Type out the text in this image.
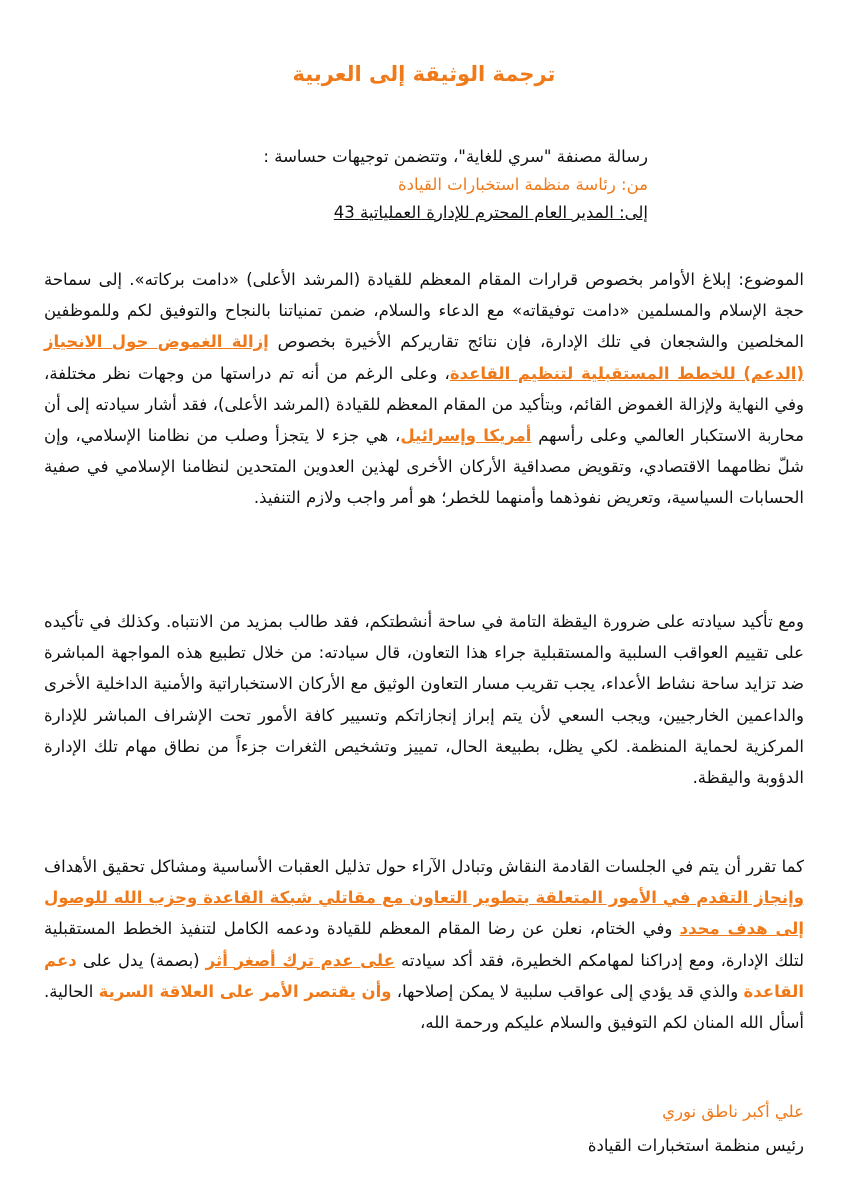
ترجمة الوثيقة إلى العربية
رسالة مصنفة "سري للغاية"، وتتضمن توجيهات حساسة :
من: رئاسة منظمة استخبارات القيادة
إلى: المدير العام المحترم للإدارة العملياتية 43
الموضوع: إبلاغ الأوامر بخصوص قرارات المقام المعظم للقيادة (المرشد الأعلى) «دامت بركاته». إلى سماحة حجة الإسلام والمسلمين «دامت توفيقاته» مع الدعاء والسلام، ضمن تمنياتنا بالنجاح والتوفيق لكم وللموظفين المخلصين والشجعان في تلك الإدارة، فإن نتائج تقاريركم الأخيرة بخصوص إزالة الغموض حول الانحياز (الدعم) للخطط المستقبلية لتنظيم القاعدة، وعلى الرغم من أنه تم دراستها من وجهات نظر مختلفة، وفي النهاية ولإزالة الغموض القائم، وبتأكيد من المقام المعظم للقيادة (المرشد الأعلى)، فقد أشار سيادته إلى أن محاربة الاستكبار العالمي وعلى رأسهم أمريكا وإسرائيل، هي جزء لا يتجزأ وصلب من نظامنا الإسلامي، وإن شلّ نظامهما الاقتصادي، وتقويض مصداقية الأركان الأخرى لهذين العدوين المتحدين لنظامنا الإسلامي في صفية الحسابات السياسية، وتعريض نفوذهما وأمنهما للخطر؛ هو أمر واجب ولازم التنفيذ.
ومع تأكيد سيادته على ضرورة اليقظة التامة في ساحة أنشطتكم، فقد طالب بمزيد من الانتباه. وكذلك في تأكيده على تقييم العواقب السلبية والمستقبلية جراء هذا التعاون، قال سيادته: من خلال تطبيع هذه المواجهة المباشرة ضد تزايد ساحة نشاط الأعداء، يجب تقريب مسار التعاون الوثيق مع الأركان الاستخباراتية والأمنية الداخلية الأخرى والداعمين الخارجيين، ويجب السعي لأن يتم إبراز إنجازاتكم وتسيير كافة الأمور تحت الإشراف المباشر للإدارة المركزية لحماية المنظمة. لكي يظل، بطبيعة الحال، تمييز وتشخيص الثغرات جزءاً من نطاق مهام تلك الإدارة الدؤوبة واليقظة.
كما تقرر أن يتم في الجلسات القادمة النقاش وتبادل الآراء حول تذليل العقبات الأساسية ومشاكل تحقيق الأهداف وإنجاز التقدم في الأمور المتعلقة بتطوير التعاون مع مقاتلي شبكة القاعدة وحزب الله للوصول إلى هدف محدد وفي الختام، نعلن عن رضا المقام المعظم للقيادة ودعمه الكامل لتنفيذ الخطط المستقبلية لتلك الإدارة، ومع إدراكنا لمهامكم الخطيرة، فقد أكد سيادته على عدم ترك أصغر أثر (بصمة) يدل على دعم القاعدة والذي قد يؤدي إلى عواقب سلبية لا يمكن إصلاحها، وأن يقتصر الأمر على العلاقة السرية الحالية. أسأل الله المنان لكم التوفيق والسلام عليكم ورحمة الله،
علي أكبر ناطق نوري
رئيس منظمة استخبارات القيادة
